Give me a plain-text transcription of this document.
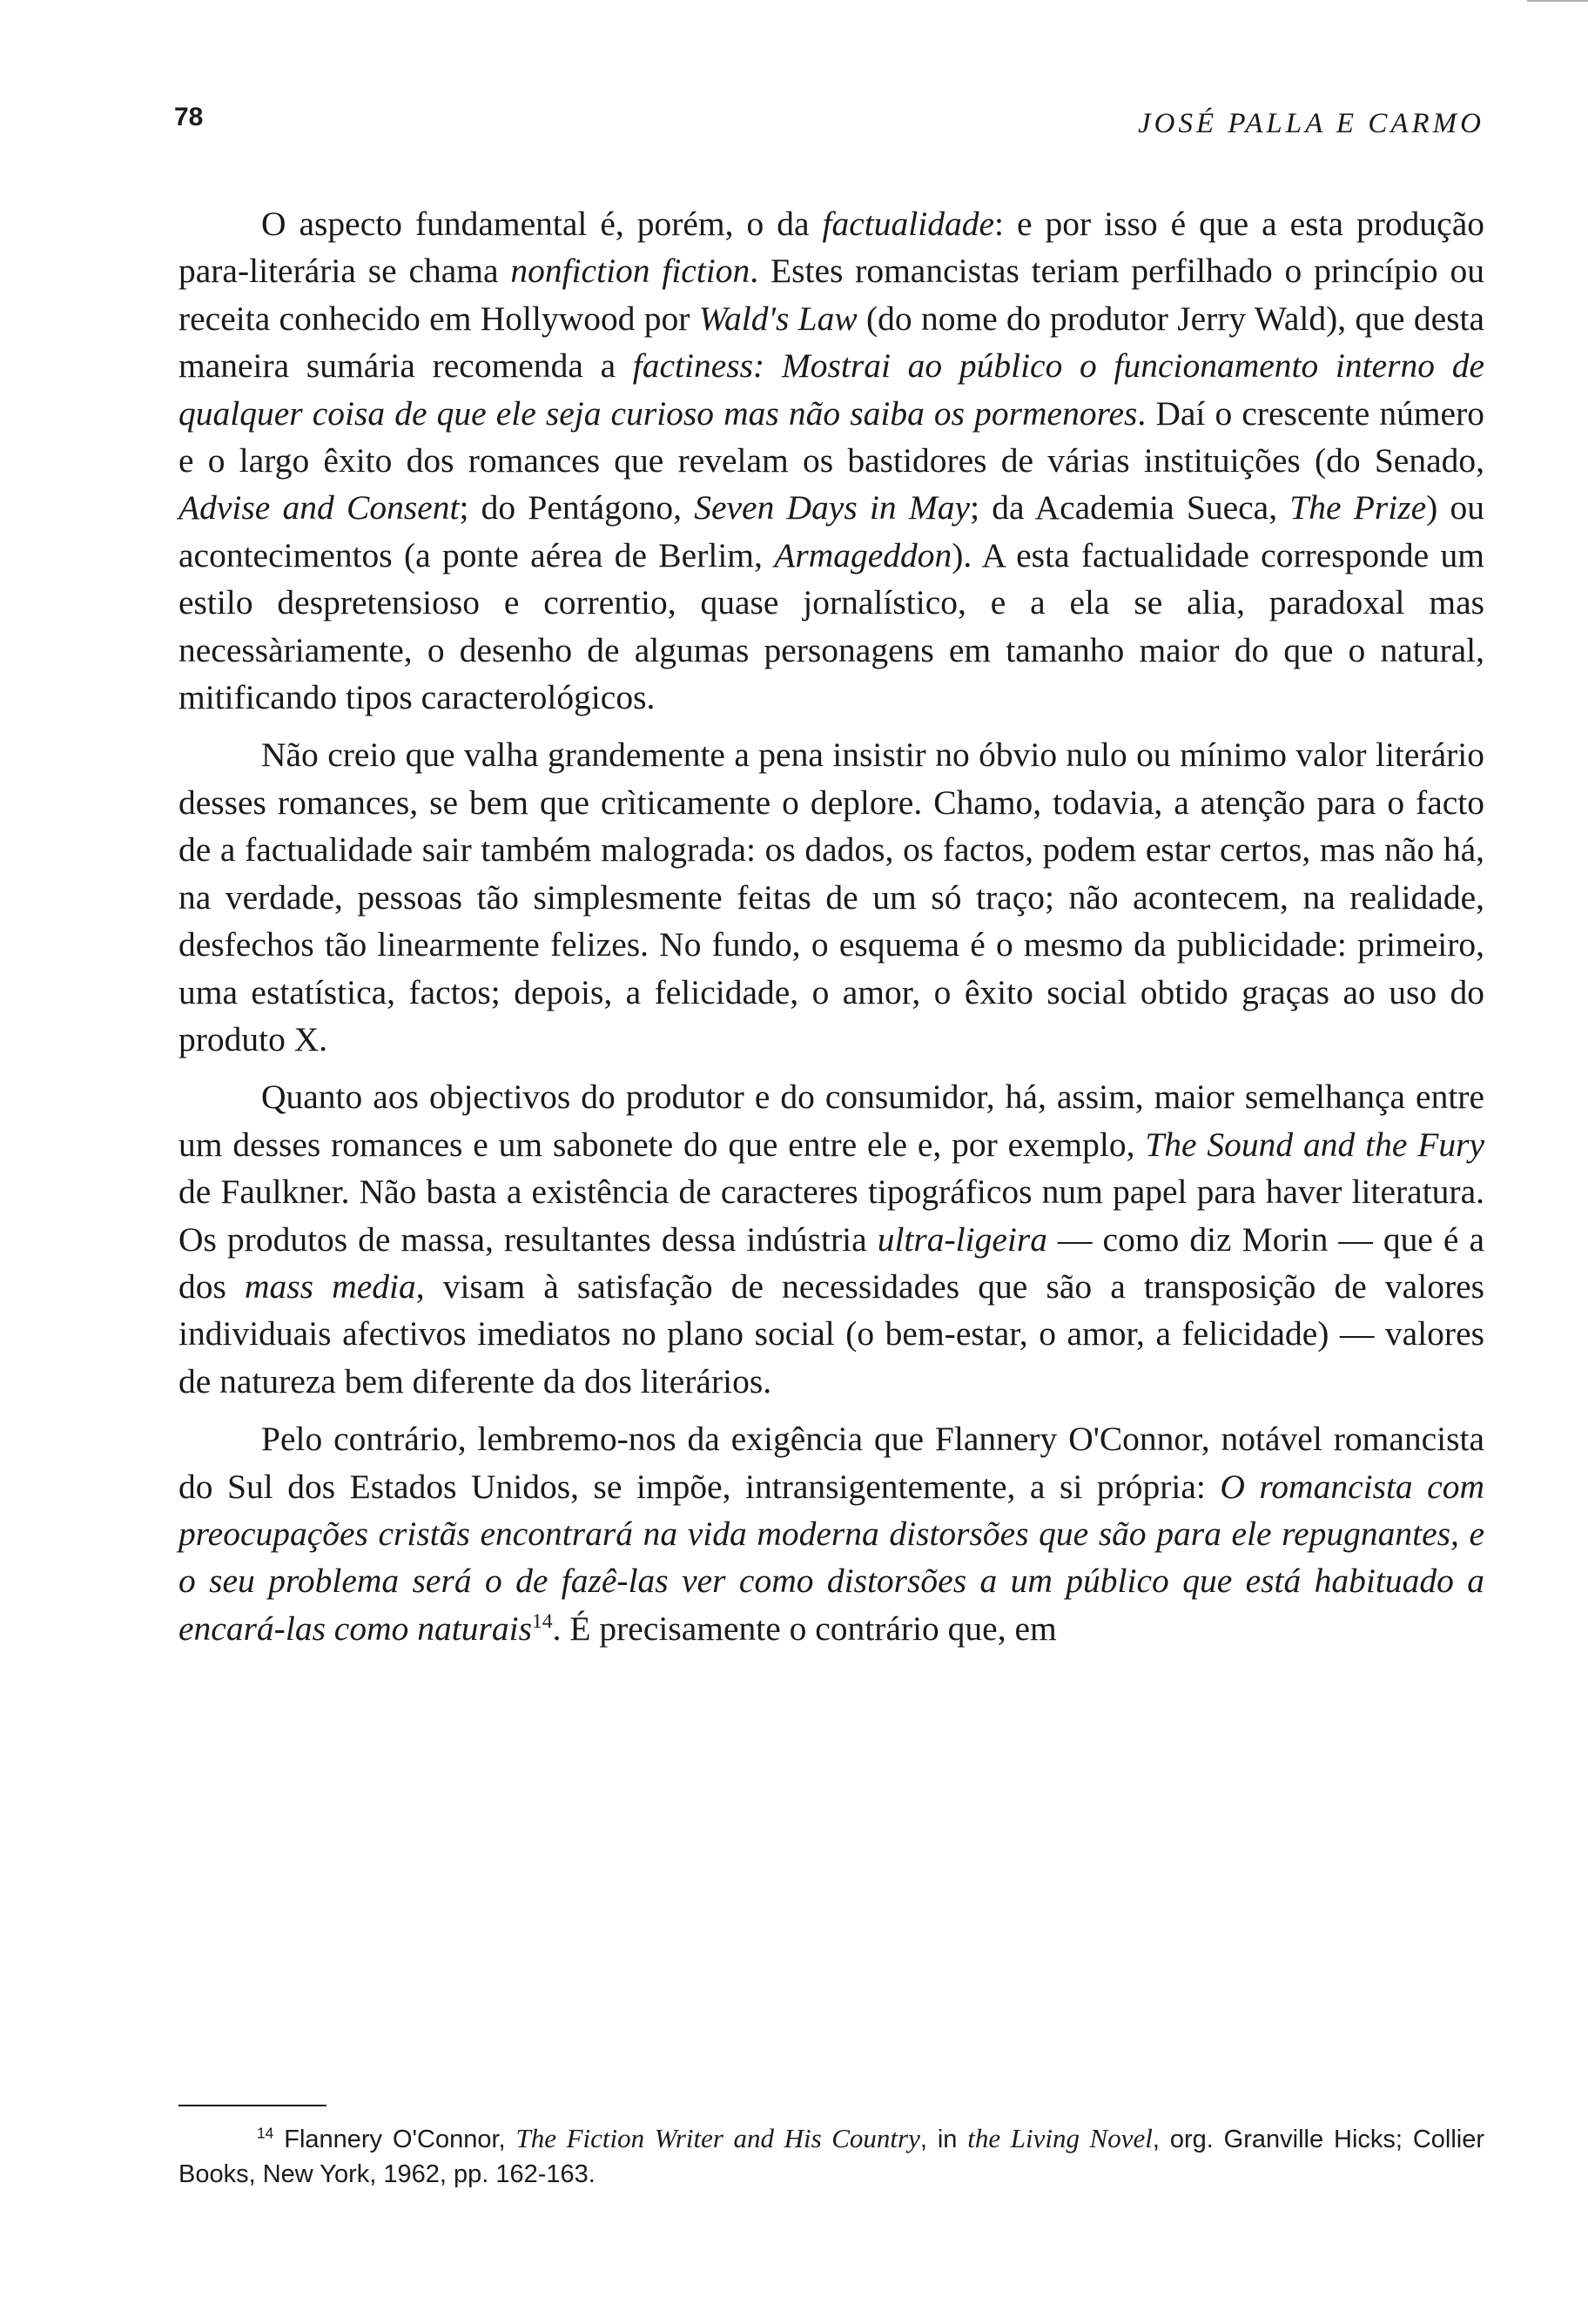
78	JOSÉ PALLA E CARMO

O aspecto fundamental é, porém, o da factualidade: e por isso é que a esta produção para-literária se chama nonfiction fiction. Estes romancistas teriam perfilhado o princípio ou receita conhecido em Hollywood por Wald's Law (do nome do produtor Jerry Wald), que desta maneira sumária recomenda a factiness: Mostrai ao público o funcionamento interno de qualquer coisa de que ele seja curioso mas não saiba os pormenores. Daí o crescente número e o largo êxito dos romances que revelam os bastidores de várias instituições (do Senado, Advise and Consent; do Pentágono, Seven Days in May; da Academia Sueca, The Prize) ou acontecimentos (a ponte aérea de Berlim, Armageddon). A esta factualidade corresponde um estilo despretensioso e correntio, quase jornalístico, e a ela se alia, paradoxal mas necessàriamente, o desenho de algumas personagens em tamanho maior do que o natural, mitificando tipos caracterológicos.

Não creio que valha grandemente a pena insistir no óbvio nulo ou mínimo valor literário desses romances, se bem que crìticamente o deplore. Chamo, todavia, a atenção para o facto de a factualidade sair também malograda: os dados, os factos, podem estar certos, mas não há, na verdade, pessoas tão simplesmente feitas de um só traço; não acontecem, na realidade, desfechos tão linearmente felizes. No fundo, o esquema é o mesmo da publicidade: primeiro, uma estatística, factos; depois, a felicidade, o amor, o êxito social obtido graças ao uso do produto X.

Quanto aos objectivos do produtor e do consumidor, há, assim, maior semelhança entre um desses romances e um sabonete do que entre ele e, por exemplo, The Sound and the Fury de Faulkner. Não basta a existência de caracteres tipográficos num papel para haver literatura. Os produtos de massa, resultantes dessa indústria ultra-ligeira — como diz Morin — que é a dos mass media, visam à satisfação de necessidades que são a transposição de valores individuais afectivos imediatos no plano social (o bem-estar, o amor, a felicidade) — valores de natureza bem diferente da dos literários.

Pelo contrário, lembremo-nos da exigência que Flannery O'Connor, notável romancista do Sul dos Estados Unidos, se impõe, intransigentemente, a si própria: O romancista com preocupações cristãs encontrará na vida moderna distorsões que são para ele repugnantes, e o seu problema será o de fazê-las ver como distorsões a um público que está habituado a encará-las como naturais$^{14}$. É precisamente o contrário que, em

$^{14}$ Flannery O'Connor, The Fiction Writer and His Country, in the Living Novel, org. Granville Hicks; Collier Books, New York, 1962, pp. 162-163.
